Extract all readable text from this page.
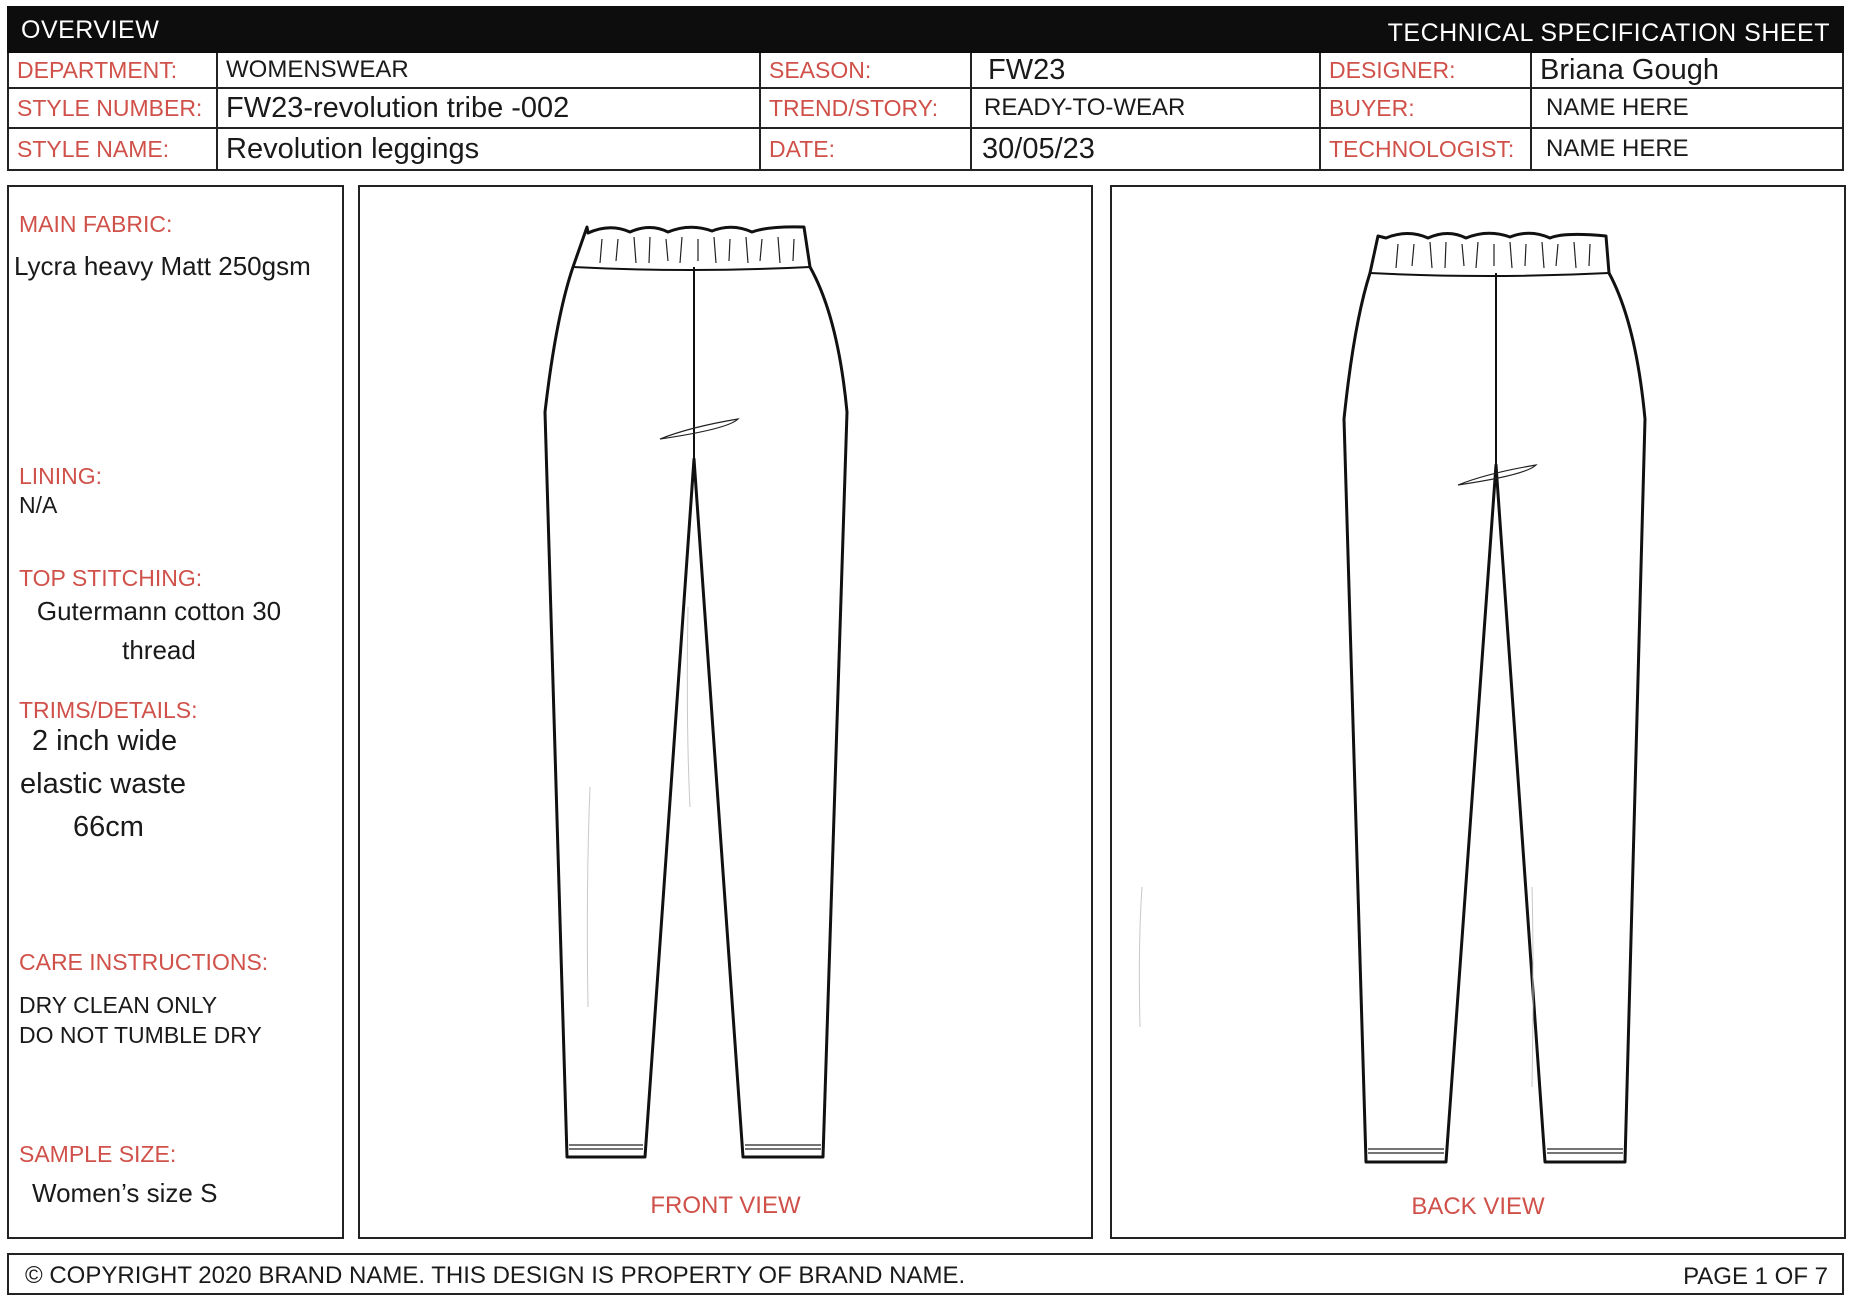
OVERVIEW	TECHNICAL SPECIFICATION SHEET
DEPARTMENT:	WOMENSWEAR	SEASON:	FW23	DESIGNER:	Briana Gough
STYLE NUMBER: FW23-revolution tribe -002	TREND/STORY:	READY-TO-WEAR	BUYER:	NAME HERE
STYLE NAME:	Revolution leggings	DATE:	30/05/23	TECHNOLOGIST:	NAME HERE
MAIN FABRIC:
Lycra heavy Matt 250gsm
LINING:
N/A
TOP STITCHING:
Gutermann cotton 30
thread
TRIMS/DETAILS:
2 inch wide
elastic waste
66cm
CARE INSTRUCTIONS:
DRY CLEAN ONLY
DO NOT TUMBLE DRY
SAMPLE SIZE:
Women’s size S	FRONT VIEW	BACK VIEW
© COPYRIGHT 2020 BRAND NAME. THIS DESIGN IS PROPERTY OF BRAND NAME.	PAGE 1 OF 7
